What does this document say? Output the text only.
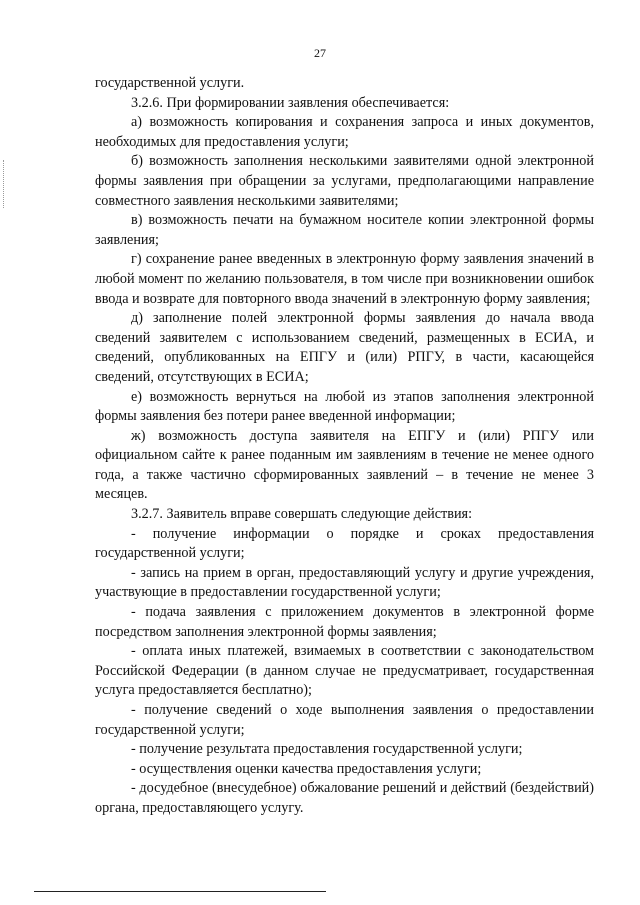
27

государственной услуги.

3.2.6. При формировании заявления обеспечивается:

а) возможность копирования и сохранения запроса и иных документов, необходимых для предоставления услуги;

б) возможность заполнения несколькими заявителями одной электронной формы заявления при обращении за услугами, предполагающими направление совместного заявления несколькими заявителями;

в) возможность печати на бумажном носителе копии электронной формы заявления;

г) сохранение ранее введенных в электронную форму заявления значений в любой момент по желанию пользователя, в том числе при возникновении ошибок ввода и возврате для повторного ввода значений в электронную форму заявления;

д) заполнение полей электронной формы заявления до начала ввода сведений заявителем с использованием сведений, размещенных в ЕСИА, и сведений, опубликованных на ЕПГУ и (или) РПГУ, в части, касающейся сведений, отсутствующих в ЕСИА;

е) возможность вернуться на любой из этапов заполнения электронной формы заявления без потери ранее введенной информации;

ж) возможность доступа заявителя на ЕПГУ и (или) РПГУ или официальном сайте к ранее поданным им заявлениям в течение не менее одного года, а также частично сформированных заявлений – в течение не менее 3 месяцев.

3.2.7. Заявитель вправе совершать следующие действия:

- получение информации о порядке и сроках предоставления государственной услуги;

- запись на прием в орган, предоставляющий услугу и другие учреждения, участвующие в предоставлении государственной услуги;

- подача заявления с приложением документов в электронной форме посредством заполнения электронной формы заявления;

- оплата иных платежей, взимаемых в соответствии с законодательством Российской Федерации (в данном случае не предусматривает, государственная услуга предоставляется бесплатно);

- получение сведений о ходе выполнения заявления о предоставлении государственной услуги;

- получение результата предоставления государственной услуги;

- осуществления оценки качества предоставления услуги;

- досудебное (внесудебное) обжалование решений и действий (бездействий) органа, предоставляющего услугу.
